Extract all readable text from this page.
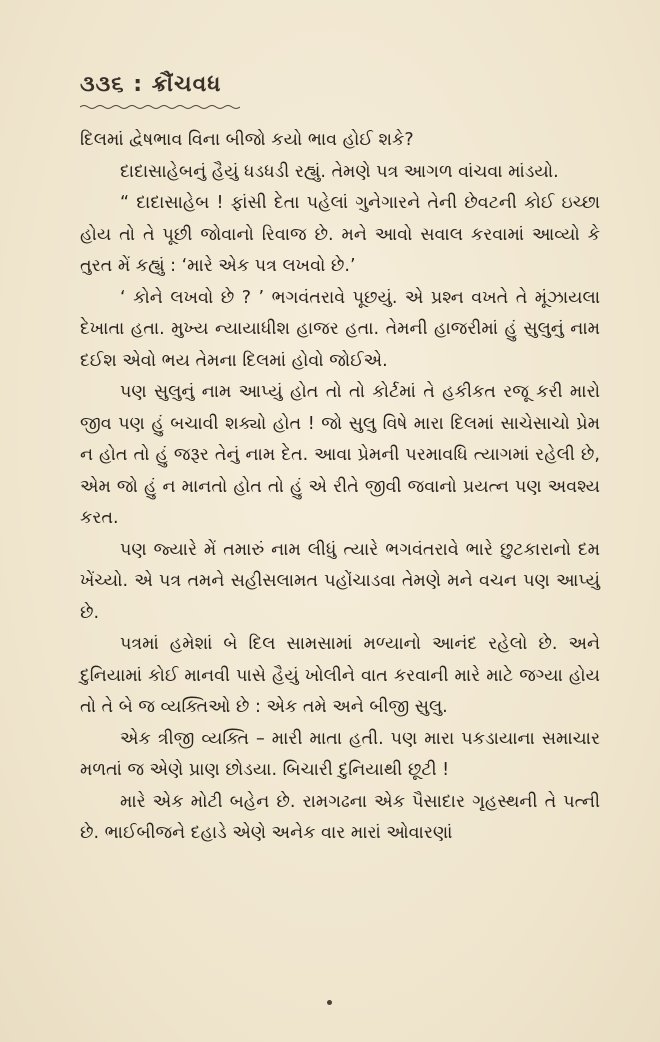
૩૩૬ : ક્રૌંચવધ

દિલમાં દ્વેષભાવ વિના બીજો કયો ભાવ હોઈ શકે?

દાદાસાહેબનું હૈયું ધડધડી રહ્યું. તેમણે પત્ર આગળ વાંચવા માંડયો.

“ દાદાસાહેબ ! ફાંસી દેતા પહેલાં ગુનેગારને તેની છેવટની કોઈ ઇચ્છા હોય તો તે પૂછી જોવાનો રિવાજ છે. મને આવો સવાલ કરવામાં આવ્યો કે તુરત મેં કહ્યું : ‘મારે એક પત્ર લખવો છે.’

‘ કોને લખવો છે ? ’ ભગવંતરાવે પૂછયું. એ પ્રશ્ન વખતે તે મૂંઝાયલા દેખાતા હતા. મુખ્ય ન્યાયાધીશ હાજર હતા. તેમની હાજરીમાં હું સુલુનું નામ દઈશ એવો ભય તેમના દિલમાં હોવો જોઈએ.

પણ સુલુનું નામ આપ્યું હોત તો તો કોર્ટમાં તે હકીકત રજૂ કરી મારો જીવ પણ હું બચાવી શક્યો હોત ! જો સુલુ વિષે મારા દિલમાં સાચેસાચો પ્રેમ ન હોત તો હું જરૂર તેનું નામ દેત. આવા પ્રેમની પરમાવધિ ત્યાગમાં રહેલી છે, એમ જો હું ન માનતો હોત તો હું એ રીતે જીવી જવાનો પ્રયત્ન પણ અવશ્ય કરત.

પણ જ્યારે મેં તમારું નામ લીધું ત્યારે ભગવંતરાવે ભારે છુટકારાનો દમ ખેંચ્યો. એ પત્ર તમને સહીસલામત પહોંચાડવા તેમણે મને વચન પણ આપ્યું છે.

પત્રમાં હમેશાં બે દિલ સામસામાં મળ્યાનો આનંદ રહેલો છે. અને દુનિયામાં કોઈ માનવી પાસે હૈયું ખોલીને વાત કરવાની મારે માટે જગ્યા હોય તો તે બે જ વ્યક્તિઓ છે : એક તમે અને બીજી સુલુ.

એક ત્રીજી વ્યક્તિ – મારી માતા હતી. પણ મારા પકડાયાના સમાચાર મળતાં જ એણે પ્રાણ છોડયા. બિચારી દુનિયાથી છૂટી !

મારે એક મોટી બહેન છે. રામગઢના એક પૈસાદાર ગૃહસ્થની તે પત્ની છે. ભાઈબીજને દહાડે એણે અનેક વાર મારાં ઓવારણાં
